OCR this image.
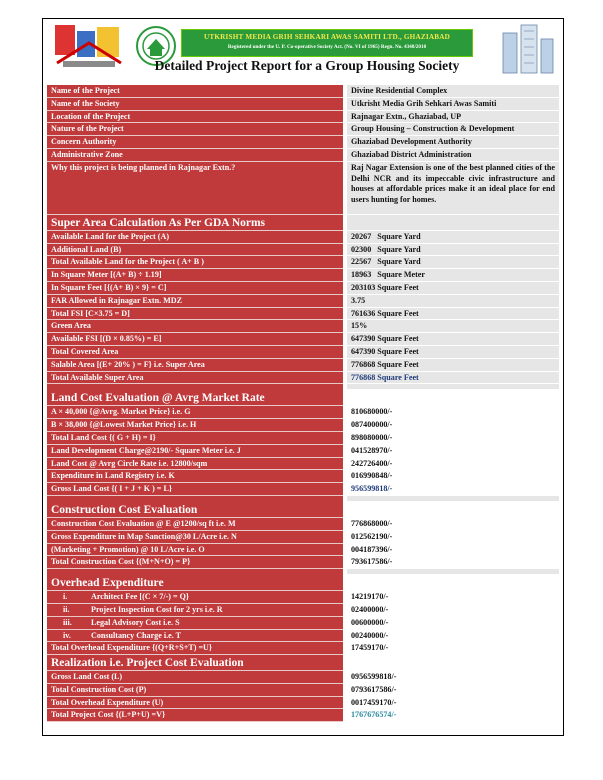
UTKRISHT MEDIA GRIH SEHKARI AWAS SAMITI LTD., GHAZIABAD
Registered under the U. P. Co-operative Society Act. (No. VI of 1965) Regn. No. 4348/2010
Detailed Project Report for a Group Housing Society
Name of the Project	Divine Residential Complex
Name of the Society	Utkrisht Media Grih Sehkari Awas Samiti
Location of the Project	Rajnagar Extn., Ghaziabad, UP
Nature of the Project	Group Housing – Construction & Development
Concern Authority	Ghaziabad Development Authority
Administrative Zone	Ghaziabad District Administration
Why this project is being planned in Rajnagar Extn.?	Raj Nagar Extension is one of the best planned cities of the Delhi NCR and its impeccable civic infrastructure and houses at affordable prices make it an ideal place for end users hunting for homes.
Super Area Calculation As Per GDA Norms
Available Land for the Project (A)	20267 Square Yard
Additional Land (B)	02300 Square Yard
Total Available Land for the Project ( A+ B )	22567 Square Yard
In Square Meter [(A+ B) ÷ 1.19]	18963 Square Meter
In Square Feet [{(A+ B) × 9} = C]	203103 Square Feet
FAR Allowed in Rajnagar Extn. MDZ	3.75
Total FSI [C×3.75 = D]	761636 Square Feet
Green Area	15%
Available FSI [(D × 0.85%) = E]	647390 Square Feet
Total Covered Area	647390 Square Feet
Salable Area [(E+ 20% ) = F} i.e. Super Area	776868 Square Feet
Total Available Super Area	776868 Square Feet
Land Cost Evaluation @ Avrg Market Rate
A × 40,000 {@Avrg. Market Price} i.e. G	810680000/-
B × 38,000 {@Lowest Market Price} i.e. H	087400000/-
Total Land Cost {( G + H) = I}	898080000/-
Land Development Charge@2190/- Square Meter i.e. J	041528970/-
Land Cost @ Avrg Circle Rate i.e. 12800/sqm	242726400/-
Expenditure in Land Registry i.e. K	016990848/-
Gross Land Cost {( I + J + K ) = L}	956599818/-
Construction Cost Evaluation
Construction Cost Evaluation @ E @1200/sq ft i.e. M	776868000/-
Gross Expenditure in Map Sanction@30 L/Acre i.e. N	012562190/-
(Marketing + Promotion) @ 10 L/Acre i.e. O	004187396/-
Total Construction Cost {(M+N+O) = P}	793617586/-
Overhead Expenditure
i.	Architect Fee [(C × 7/-) = Q}	14219170/-
ii.	Project Inspection Cost for 2 yrs i.e. R	02400000/-
iii. Legal Advisory Cost i.e. S	00600000/-
iv. Consultancy Charge i.e. T	00240000/-
Total Overhead Expenditure {(Q+R+S+T) =U}	17459170/-
Realization i.e. Project Cost Evaluation
Gross Land Cost (L)	0956599818/-
Total Construction Cost (P)	0793617586/-
Total Overhead Expenditure (U)	0017459170/-
Total Project Cost {(L+P+U) =V}	1767676574/-
